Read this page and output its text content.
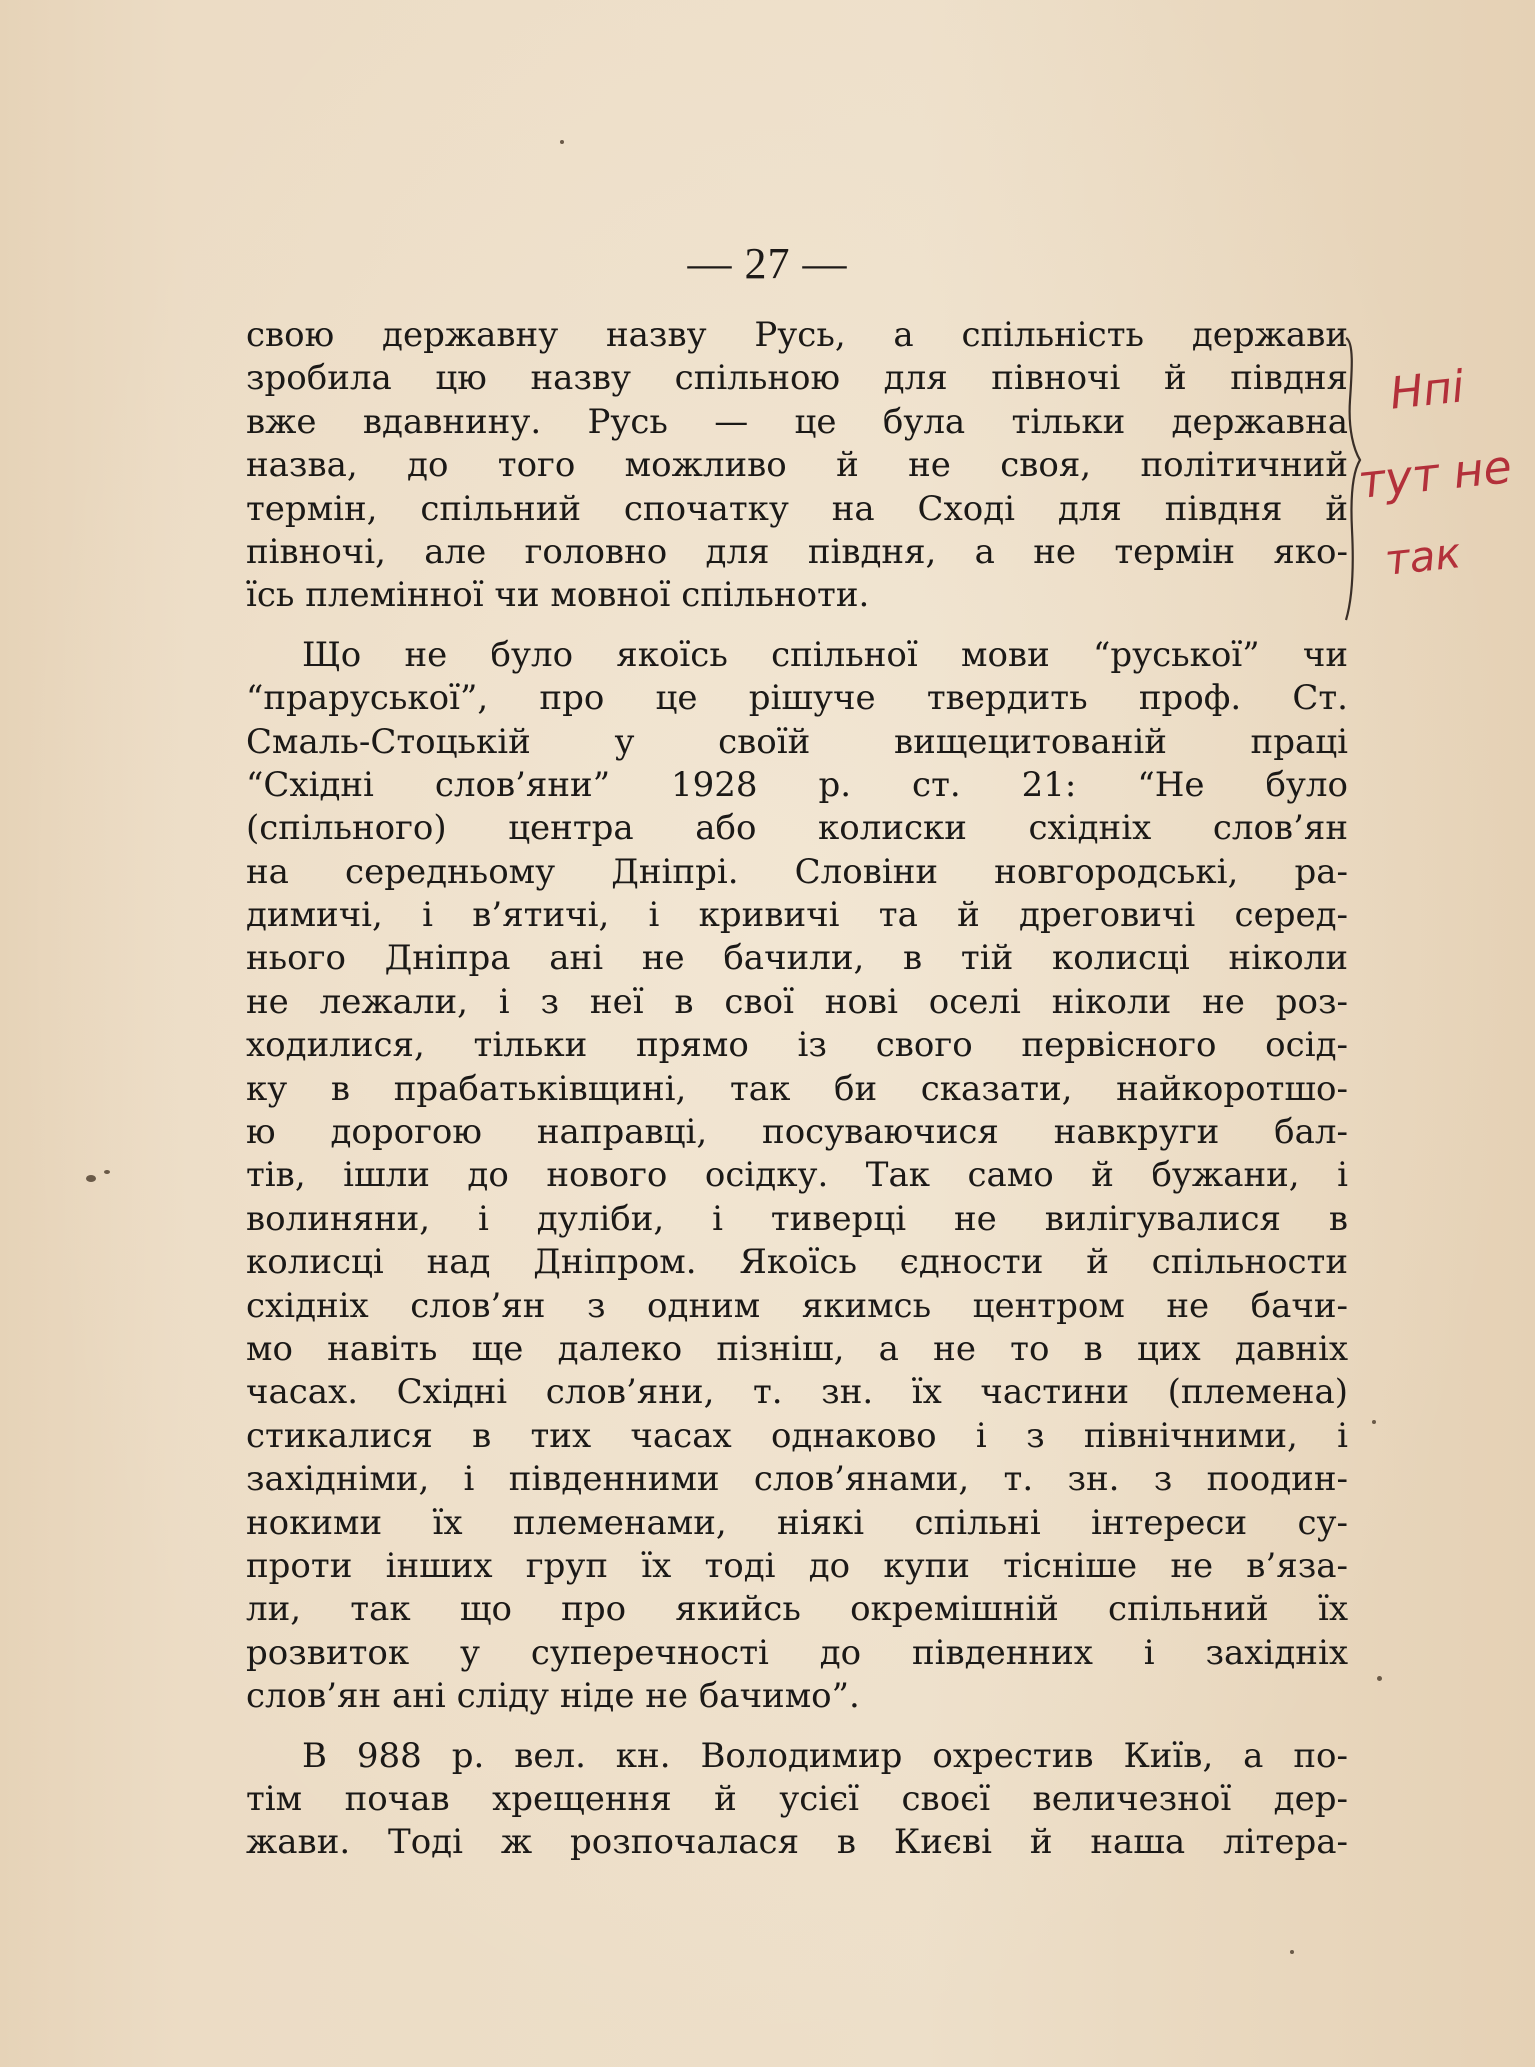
— 27 —
свою державну назву Русь, а спільність держави
зробила цю назву спільною для півночі й півдня
вже вдавнину. Русь — це була тільки державна
назва, до того можливо й не своя, політичний
термін, спільний спочатку на Сході для півдня й
півночі, але головно для півдня, а не термін яко-
їсь племінної чи мовної спільноти.
Що не було якоїсь спільної мови “руської” чи
“праруської”, про це рішуче твердить проф. Ст.
Смаль-Стоцькій у своїй вищецитованій праці
“Східні слов’яни” 1928 р. ст. 21: “Не було
(спільного) центра або колиски східніх слов’ян
на середньому Дніпрі. Словіни новгородські, ра-
димичі, і в’ятичі, і кривичі та й дреговичі серед-
нього Дніпра ані не бачили, в тій колисці ніколи
не лежали, і з неї в свої нові оселі ніколи не роз-
ходилися, тільки прямо із свого первісного осід-
ку в прабатьківщині, так би сказати, найкоротшо-
ю дорогою направці, посуваючися навкруги бал-
тів, ішли до нового осідку. Так само й бужани, і
волиняни, і дуліби, і тиверці не вилігувалися в
колисці над Дніпром. Якоїсь єдности й спільности
східніх слов’ян з одним якимсь центром не бачи-
мо навіть ще далеко пізніш, а не то в цих давніх
часах. Східні слов’яни, т. зн. їх частини (племена)
стикалися в тих часах однаково і з північними, і
західніми, і південними слов’янами, т. зн. з поодин-
нокими їх племенами, ніякі спільні інтереси су-
проти інших груп їх тоді до купи тісніше не в’яза-
ли, так що про якийсь окремішній спільний їх
розвиток у суперечності до південних і західніх
слов’ян ані сліду ніде не бачимо”.
В 988 р. вел. кн. Володимир охрестив Київ, а по-
тім почав хрещення й усієї своєї величезної дер-
жави. Тоді ж розпочалася в Києві й наша літера-
Нпі
тут не
так
